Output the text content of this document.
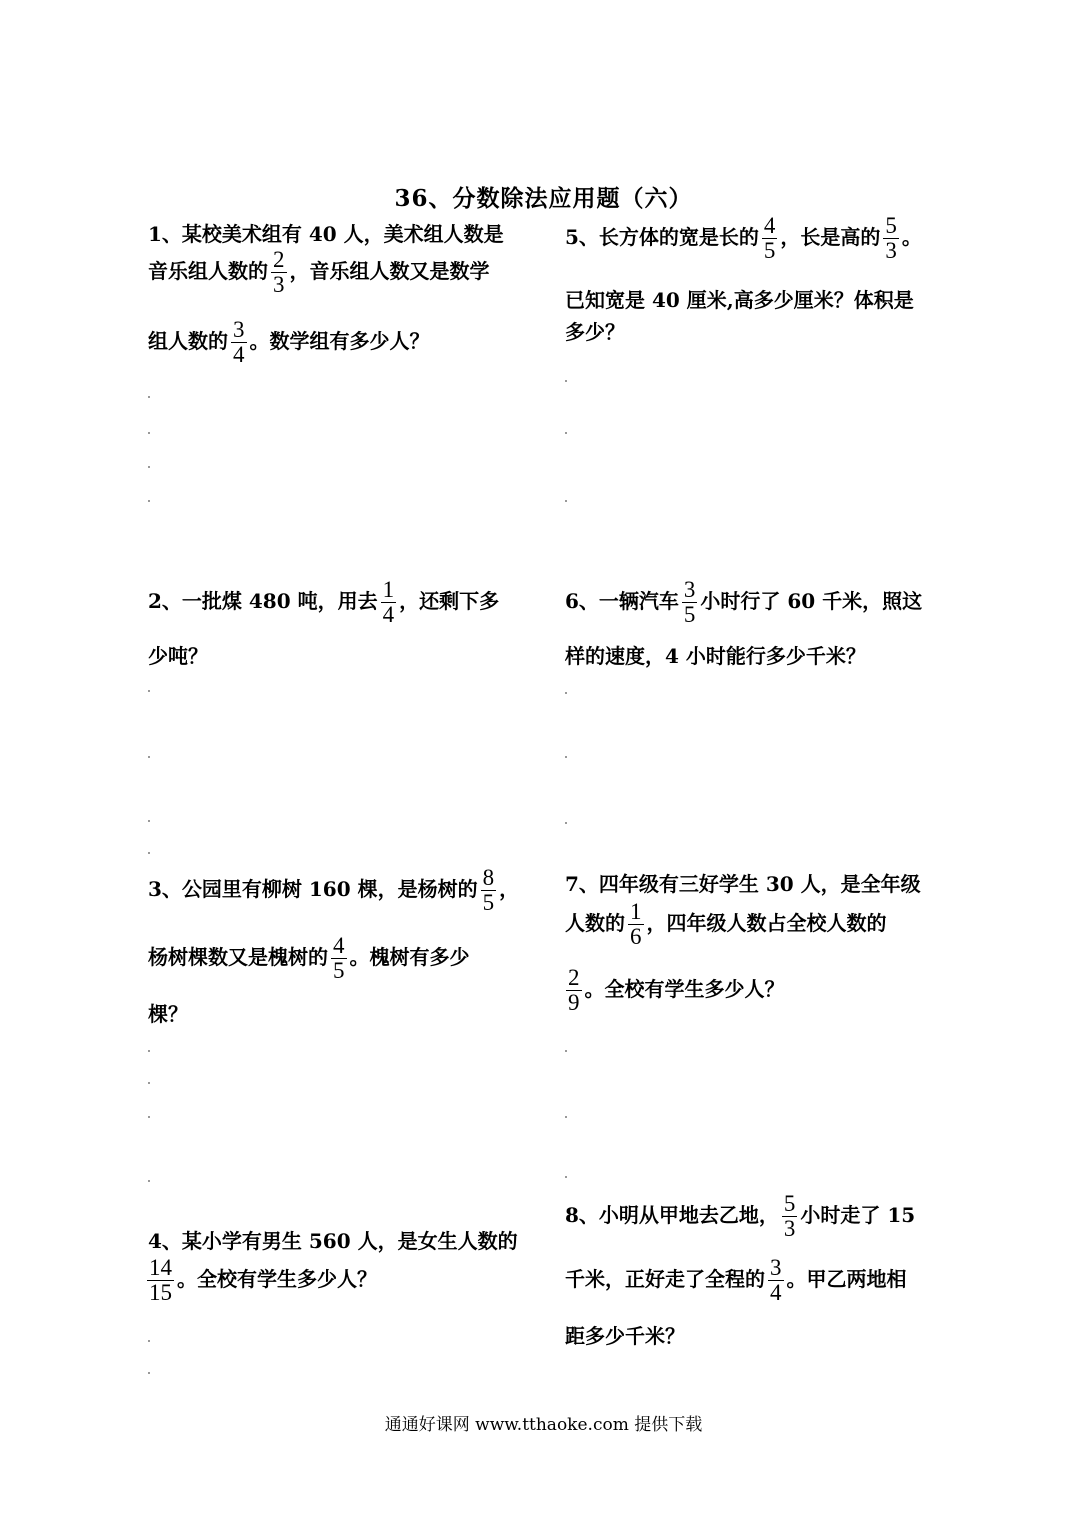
36、分数除法应用题（六）
1、某校美术组有 40 人，美术组人数是
音乐组人数的 $\frac{2}{3}$ ，音乐组人数又是数学
组人数的 $\frac{3}{4}$ 。数学组有多少人？
2、一批煤 480 吨，用去 $\frac{1}{4}$ ，还剩下多
少吨？
3、公园里有柳树 160 棵，是杨树的 $\frac{8}{5}$ ，
杨树棵数又是槐树的 $\frac{4}{5}$ 。槐树有多少
棵？
4、某小学有男生 560 人，是女生人数的
$\frac{14}{15}$ 。全校有学生多少人？
5、长方体的宽是长的 $\frac{4}{5}$ ，长是高的 $\frac{5}{3}$ 。
已知宽是 40 厘米,高多少厘米？体积是
多少？
6、一辆汽车 $\frac{3}{5}$ 小时行了 60 千米，照这
样的速度，4 小时能行多少千米？
7、四年级有三好学生 30 人，是全年级
人数的 $\frac{1}{6}$ ，四年级人数占全校人数的
$\frac{2}{9}$ 。全校有学生多少人？
8、小明从甲地去乙地， $\frac{5}{3}$ 小时走了 15
千米，正好走了全程的 $\frac{3}{4}$ 。甲乙两地相
距多少千米？
通通好课网 www.tthaoke.com 提供下载
